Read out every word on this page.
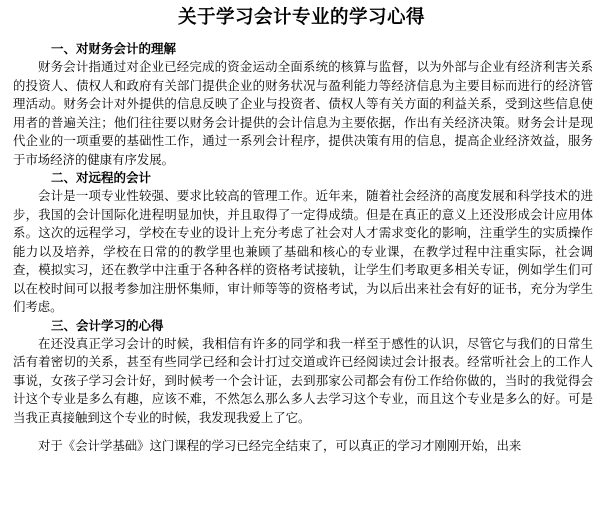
关于学习会计专业的学习心得
一、对财务会计的理解

财务会计指通过对企业已经完成的资金运动全面系统的核算与监督，以为外部与企业有经济利害关系的投资人、债权人和政府有关部门提供企业的财务状况与盈利能力等经济信息为主要目标而进行的经济管理活动。财务会计对外提供的信息反映了企业与投资者、债权人等有关方面的利益关系，受到这些信息使用者的普遍关注；他们往往要以财务会计提供的会计信息为主要依据，作出有关经济决策。财务会计是现代企业的一项重要的基础性工作，通过一系列会计程序，提供决策有用的信息，提高企业经济效益，服务于市场经济的健康有序发展。

二、对远程的会计

会计是一项专业性较强、要求比较高的管理工作。近年来，随着社会经济的高度发展和科学技术的进步，我国的会计国际化进程明显加快，并且取得了一定得成绩。但是在真正的意义上还没形成会计应用体系。这次的远程学习，学校在专业的设计上充分考虑了社会对人才需求变化的影响，注重学生的实质操作能力以及培养，学校在日常的的教学里也兼顾了基础和核心的专业课，在教学过程中注重实际，社会调查，模拟实习，还在教学中注重于各种各样的资格考试接轨，让学生们考取更多相关专证，例如学生们可以在校时间可以报考参加注册怀集师，审计师等等的资格考试，为以后出来社会有好的证书，充分为学生们考虑。

三、会计学习的心得

在还没真正学习会计的时候，我相信有许多的同学和我一样至于感性的认识，尽管它与我们的日常生活有着密切的关系，甚至有些同学已经和会计打过交道或许已经阅读过会计报表。经常听社会上的工作人事说，女孩子学习会计好，到时候考一个会计证，去到那家公司都会有份工作给你做的，当时的我觉得会计这个专业是多么有趣，应该不难，不然怎么那么多人去学习这个专业，而且这个专业是多么的好。可是当我正真接触到这个专业的时候，我发现我爱上了它。

对于《会计学基础》这门课程的学习已经完全结束了，可以真正的学习才刚刚开始，出来
